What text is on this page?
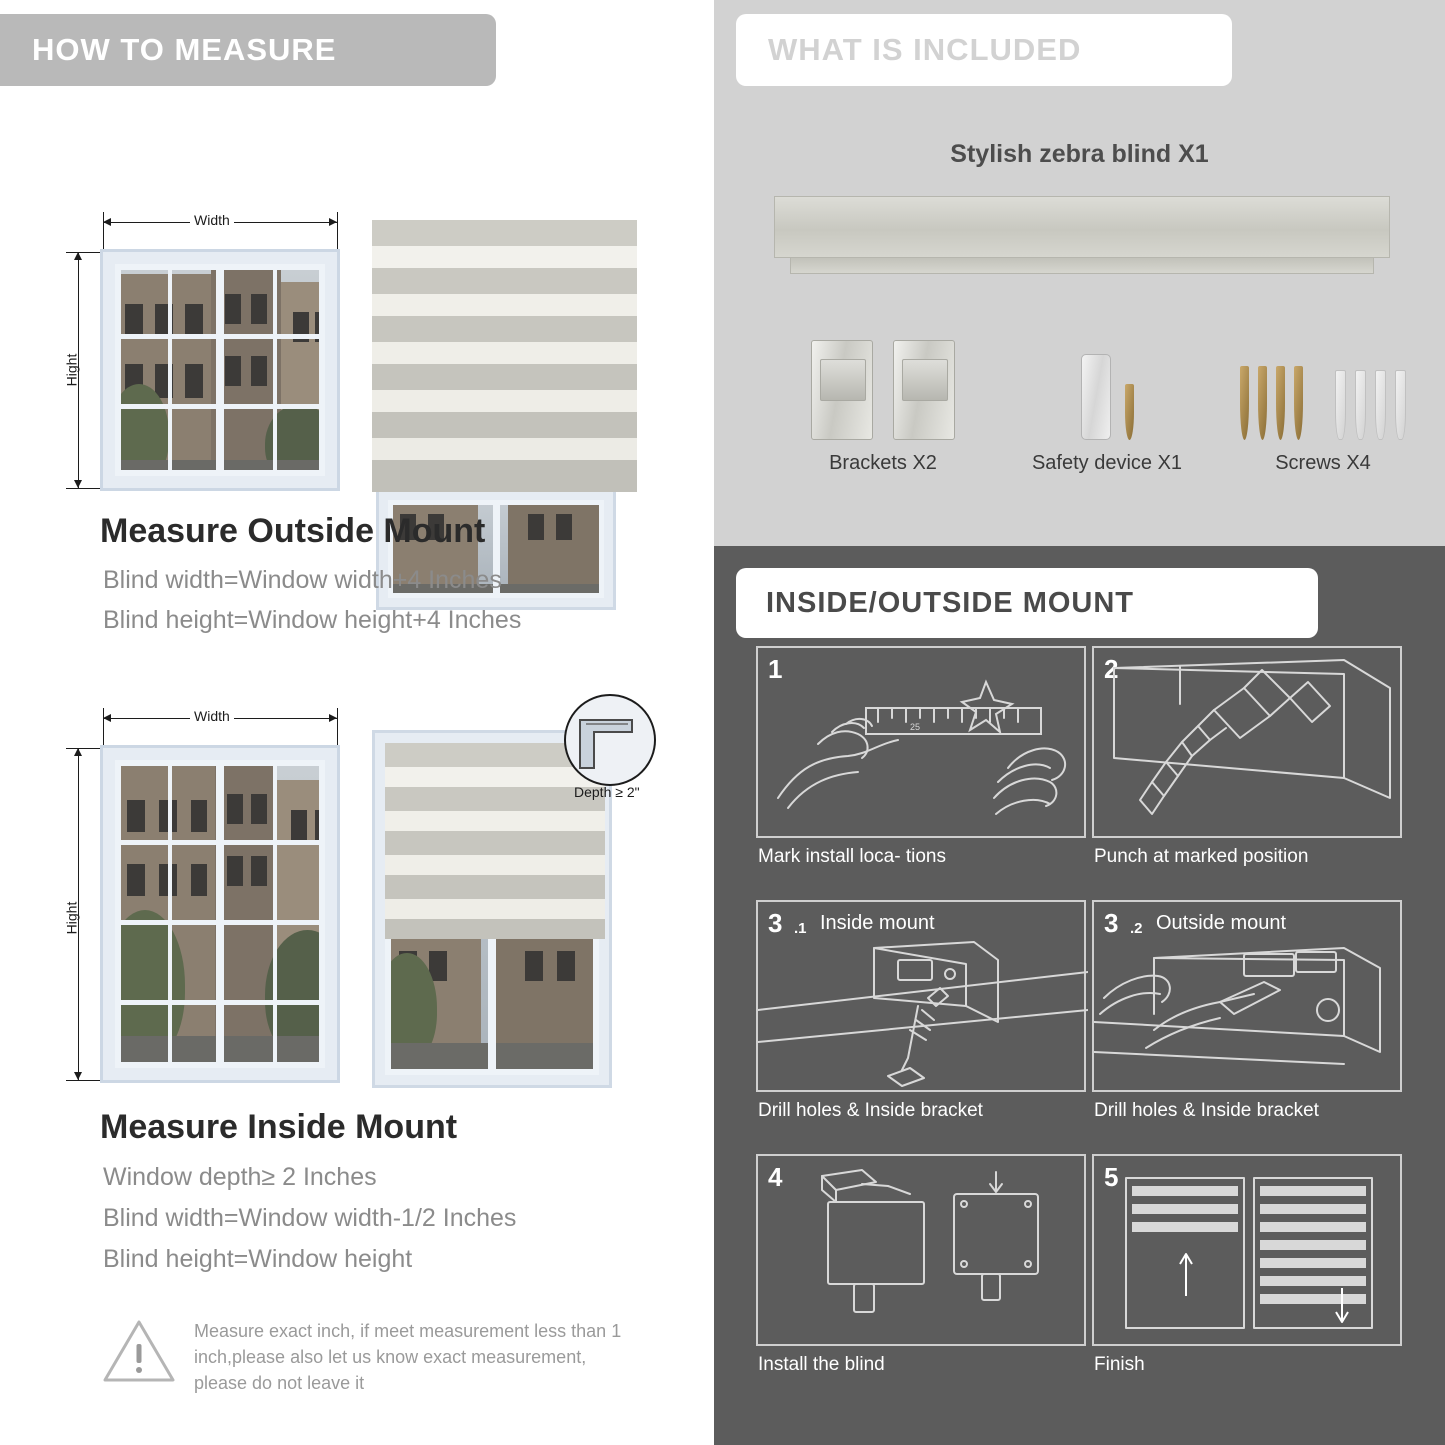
HOW TO MEASURE
Width
Hight
Measure Outside Mount
Blind width=Window width+4 Inches
Blind height=Window height+4 Inches
Width
Hight
Depth ≥ 2"
Measure Inside Mount
Window depth≥ 2 Inches
Blind width=Window width-1/2 Inches
Blind height=Window height
Measure exact inch, if meet measurement less than 1 inch,please also let us know exact measurement, please do not leave it
WHAT IS INCLUDED
Stylish zebra blind X1
Brackets X2	Safety device X1	Screws X4
INSIDE/OUTSIDE MOUNT
1
25
Mark install loca- tions
2
Punch at marked position
3 .1 Inside mount
Drill holes & Inside bracket
3 .2 Outside mount
Drill holes & Inside bracket
4
Install the blind
5
Finish
